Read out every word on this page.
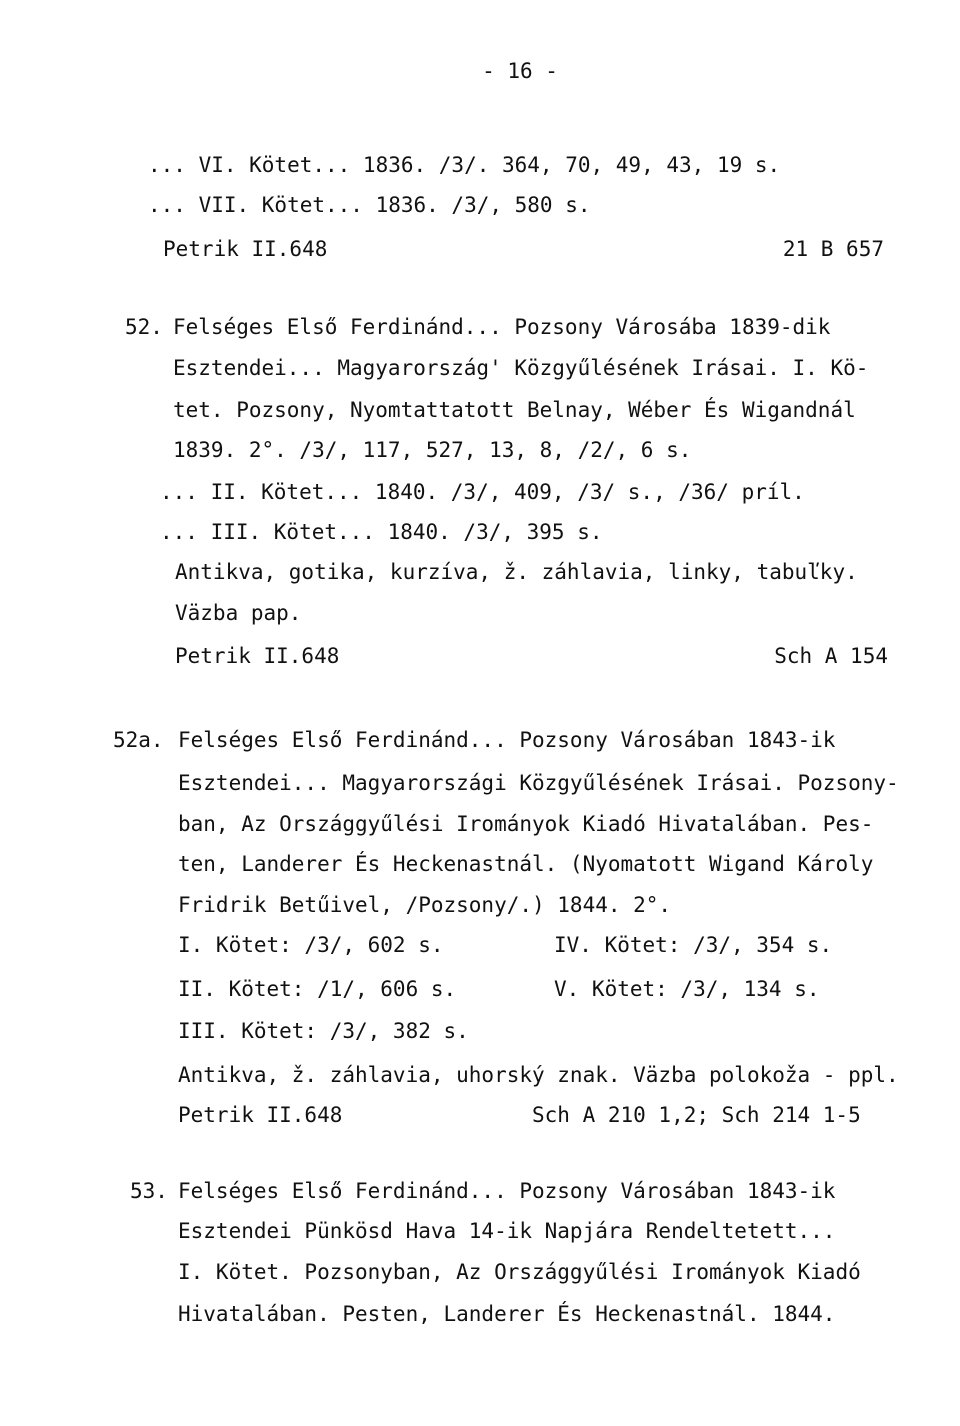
- 16 -
... VI. Kötet... 1836. /3/. 364, 70, 49, 43, 19 s.
... VII. Kötet... 1836. /3/, 580 s.
Petrik II.648	21 B 657
52. Felséges Első Ferdinánd... Pozsony Városába 1839-dik
Esztendei... Magyarország' Közgyűlésének Irásai. I. Kö-
tet. Pozsony, Nyomtattatott Belnay, Wéber És Wigandnál
1839. 2°. /3/, 117, 527, 13, 8, /2/, 6 s.
... II. Kötet... 1840. /3/, 409, /3/ s., /36/ príl.
... III. Kötet... 1840. /3/, 395 s.
Antikva, gotika, kurzíva, ž. záhlavia, linky, tabuľky.
Väzba pap.
Petrik II.648	Sch A 154
52a. Felséges Első Ferdinánd... Pozsony Városában 1843-ik
Esztendei... Magyarországi Közgyűlésének Irásai. Pozsony-
ban, Az Országgyűlési Irományok Kiadó Hivatalában. Pes-
ten, Landerer És Heckenastnál. (Nyomatott Wigand Károly
Fridrik Betűivel, /Pozsony/.) 1844. 2°.
I. Kötet: /3/, 602 s.	IV. Kötet: /3/, 354 s.
II. Kötet: /1/, 606 s.	V. Kötet: /3/, 134 s.
III. Kötet: /3/, 382 s.
Antikva, ž. záhlavia, uhorský znak. Väzba polokoža - ppl.
Petrik II.648	Sch A 210 1,2; Sch 214 1-5
53. Felséges Első Ferdinánd... Pozsony Városában 1843-ik
Esztendei Pünkösd Hava 14-ik Napjára Rendeltetett...
I. Kötet. Pozsonyban, Az Országgyűlési Irományok Kiadó
Hivatalában. Pesten, Landerer És Heckenastnál. 1844.
